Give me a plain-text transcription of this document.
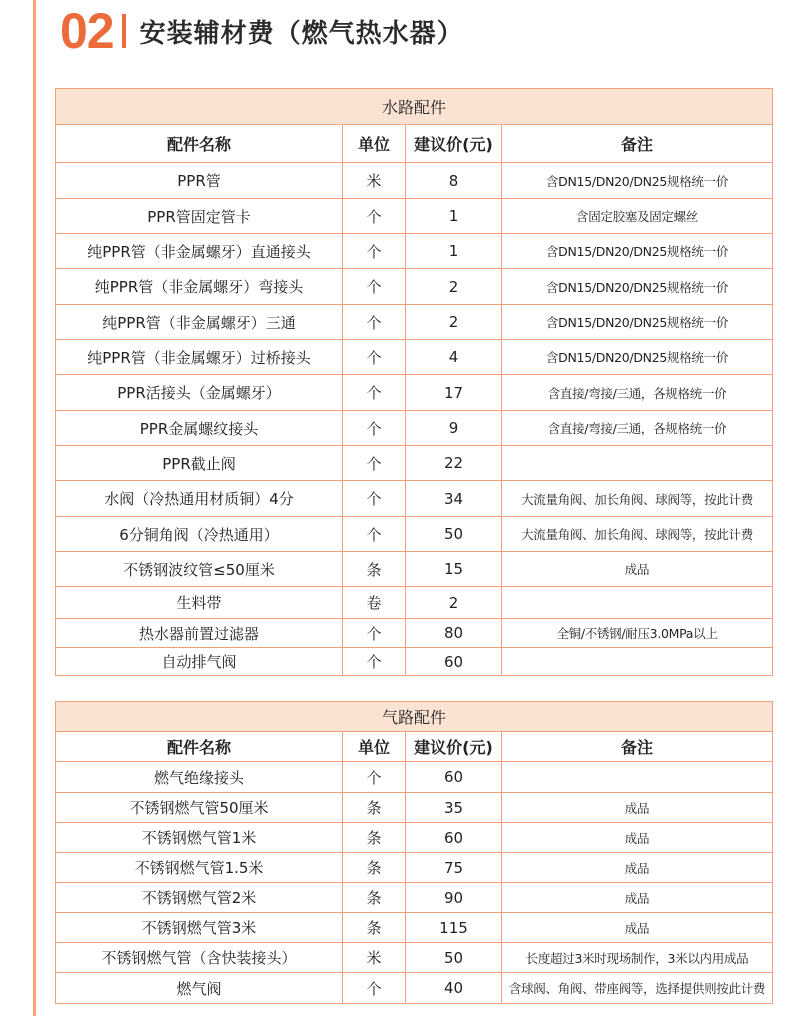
02 安装辅材费（燃气热水器）
水路配件			
配件名称	单位	建议价(元)	备注
PPR管	米	8	含DN15/DN20/DN25规格统一价
PPR管固定管卡	个	1	含固定胶塞及固定螺丝
纯PPR管（非金属螺牙）直通接头	个	1	含DN15/DN20/DN25规格统一价
纯PPR管（非金属螺牙）弯接头	个	2	含DN15/DN20/DN25规格统一价
纯PPR管（非金属螺牙）三通	个	2	含DN15/DN20/DN25规格统一价
纯PPR管（非金属螺牙）过桥接头	个	4	含DN15/DN20/DN25规格统一价
PPR活接头（金属螺牙）	个	17	含直接/弯接/三通，各规格统一价
PPR金属螺纹接头	个	9	含直接/弯接/三通，各规格统一价
PPR截止阀	个	22	
水阀（冷热通用材质铜）4分	个	34	大流量角阀、加长角阀、球阀等，按此计费
6分铜角阀（冷热通用）	个	50	大流量角阀、加长角阀、球阀等，按此计费
不锈钢波纹管≤50厘米	条	15	成品
生料带	卷	2	
热水器前置过滤器	个	80	全铜/不锈钢/耐压3.0MPa以上
自动排气阀	个	60	
气路配件			
配件名称	单位	建议价(元)	备注
燃气绝缘接头	个	60	
不锈钢燃气管50厘米	条	35	成品
不锈钢燃气管1米	条	60	成品
不锈钢燃气管1.5米	条	75	成品
不锈钢燃气管2米	条	90	成品
不锈钢燃气管3米	条	115	成品
不锈钢燃气管（含快装接头）	米	50	长度超过3米时现场制作，3米以内用成品
燃气阀	个	40	含球阀、角阀、带座阀等，选择提供则按此计费
